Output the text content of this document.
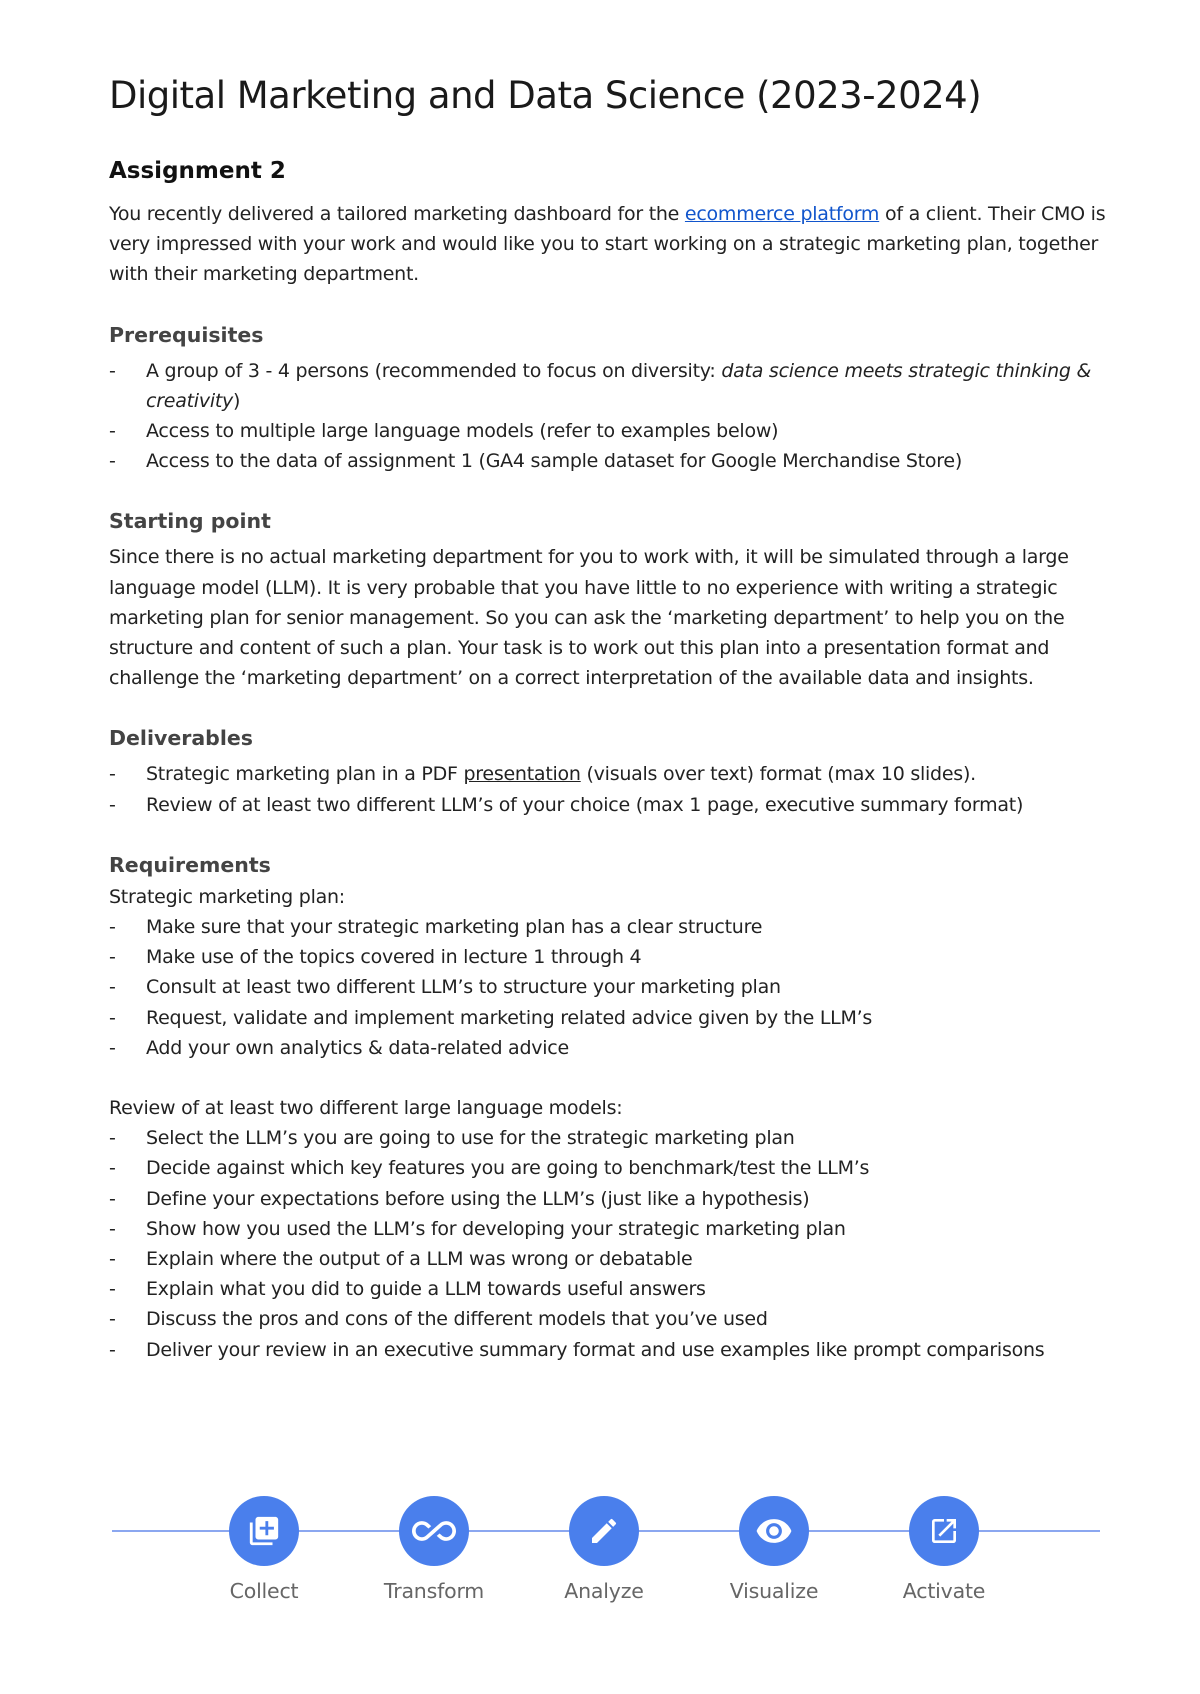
Digital Marketing and Data Science (2023-2024)
Assignment 2

You recently delivered a tailored marketing dashboard for the ecommerce platform of a client. Their CMO is very impressed with your work and would like you to start working on a strategic marketing plan, together with their marketing department.

Prerequisites
- A group of 3 - 4 persons (recommended to focus on diversity: data science meets strategic thinking & creativity)
- Access to multiple large language models (refer to examples below)
- Access to the data of assignment 1 (GA4 sample dataset for Google Merchandise Store)
Starting point

Since there is no actual marketing department for you to work with, it will be simulated through a large language model (LLM). It is very probable that you have little to no experience with writing a strategic marketing plan for senior management. So you can ask the ‘marketing department’ to help you on the structure and content of such a plan. Your task is to work out this plan into a presentation format and challenge the ‘marketing department’ on a correct interpretation of the available data and insights.

Deliverables
- Strategic marketing plan in a PDF presentation (visuals over text) format (max 10 slides).
- Review of at least two different LLM’s of your choice (max 1 page, executive summary format)
Requirements
Strategic marketing plan:
- Make sure that your strategic marketing plan has a clear structure
- Make use of the topics covered in lecture 1 through 4
- Consult at least two different LLM’s to structure your marketing plan
- Request, validate and implement marketing related advice given by the LLM’s
- Add your own analytics & data-related advice
Review of at least two different large language models:
- Select the LLM’s you are going to use for the strategic marketing plan
- Decide against which key features you are going to benchmark/test the LLM’s
- Define your expectations before using the LLM’s (just like a hypothesis)
- Show how you used the LLM’s for developing your strategic marketing plan
- Explain where the output of a LLM was wrong or debatable
- Explain what you did to guide a LLM towards useful answers
- Discuss the pros and cons of the different models that you’ve used
- Deliver your review in an executive summary format and use examples like prompt comparisons
Collect	Transform	Analyze	Visualize	Activate
